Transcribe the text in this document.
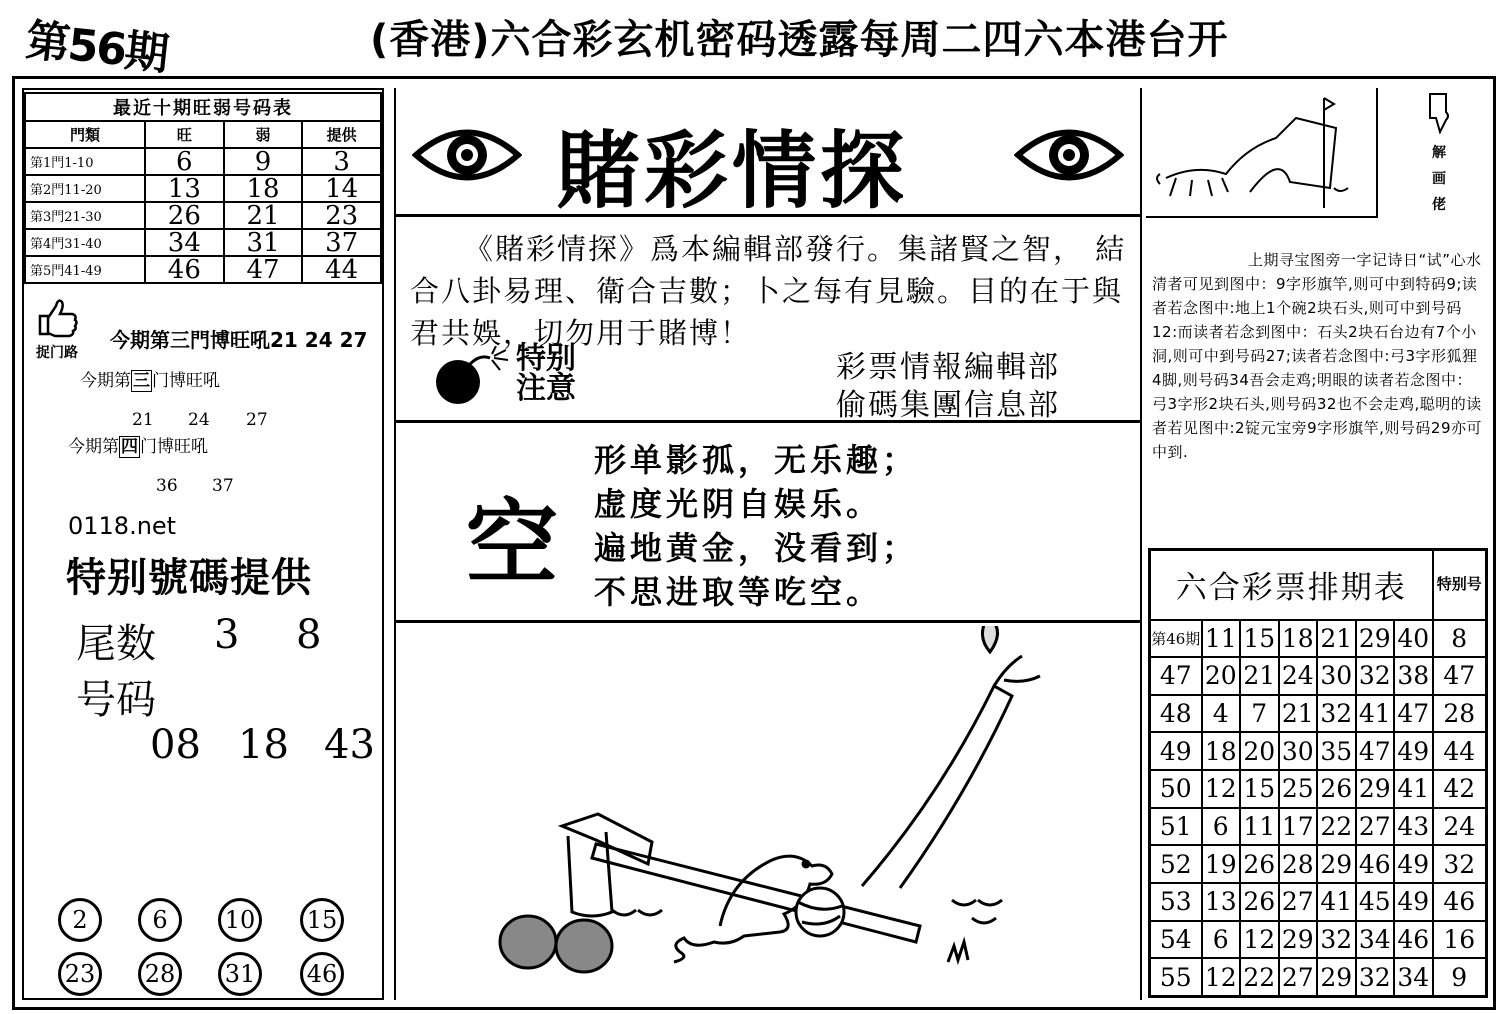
第56期	(香港)六合彩玄机密码透露每周二四六本港台开
最近十期旺弱号码表			
門類	旺	弱	提供
第1門1-10	6	9	3
第2門11-20	13	18	14
第3門21-30	26	21	23
第4門31-40	34	31	37
第5門41-49	46	47	44
捉门路
今期第三門博旺吼21 24 27
今期第 三 门博旺吼
21 24 27
今期第 四 门博旺吼
36 37
0118.net
特别號碼提供
尾数 3 8
号码
08 18 43
2	6	10 15
23 28 31 46
賭彩情探
《賭彩情探》爲本編輯部發行。集諸賢之智， 結合八卦易理、衛合吉數；卜之每有見驗。目的在于與君共娛，切勿用于賭博！
特别
注意
彩票情報編輯部
偷碼集團信息部
空
形单影孤，无乐趣；
虚度光阴自娱乐。
遍地黄金，没看到；
不思进取等吃空。
解画佬
上期寻宝图旁一字记诗日“试”心水清者可见到图中：9字形旗竿,则可中到特码9;读者若念图中:地上1个碗2块石头,则可中到号码12:而读者若念到图中：石头2块石台边有7个小洞,则可中到号码27;读者若念图中:弓3字形狐狸4脚,则号码34吾会走鸡;明眼的读者若念图中：弓3字形2块石头,则号码32也不会走鸡,聪明的读者若见图中:2锭元宝旁9字形旗竿,则号码29亦可中到.
六合彩票排期表							特别号
第46期	11	15	18	21	29	40	8
47	20	21	24	30	32	38	47
48	4	7	21	32	41	47	28
49	18	20	30	35	47	49	44
50	12	15	25	26	29	41	42
51	6	11	17	22	27	43	24
52	19	26	28	29	46	49	32
53	13	26	27	41	45	49	46
54	6	12	29	32	34	46	16
55	12	22	27	29	32	34	9
